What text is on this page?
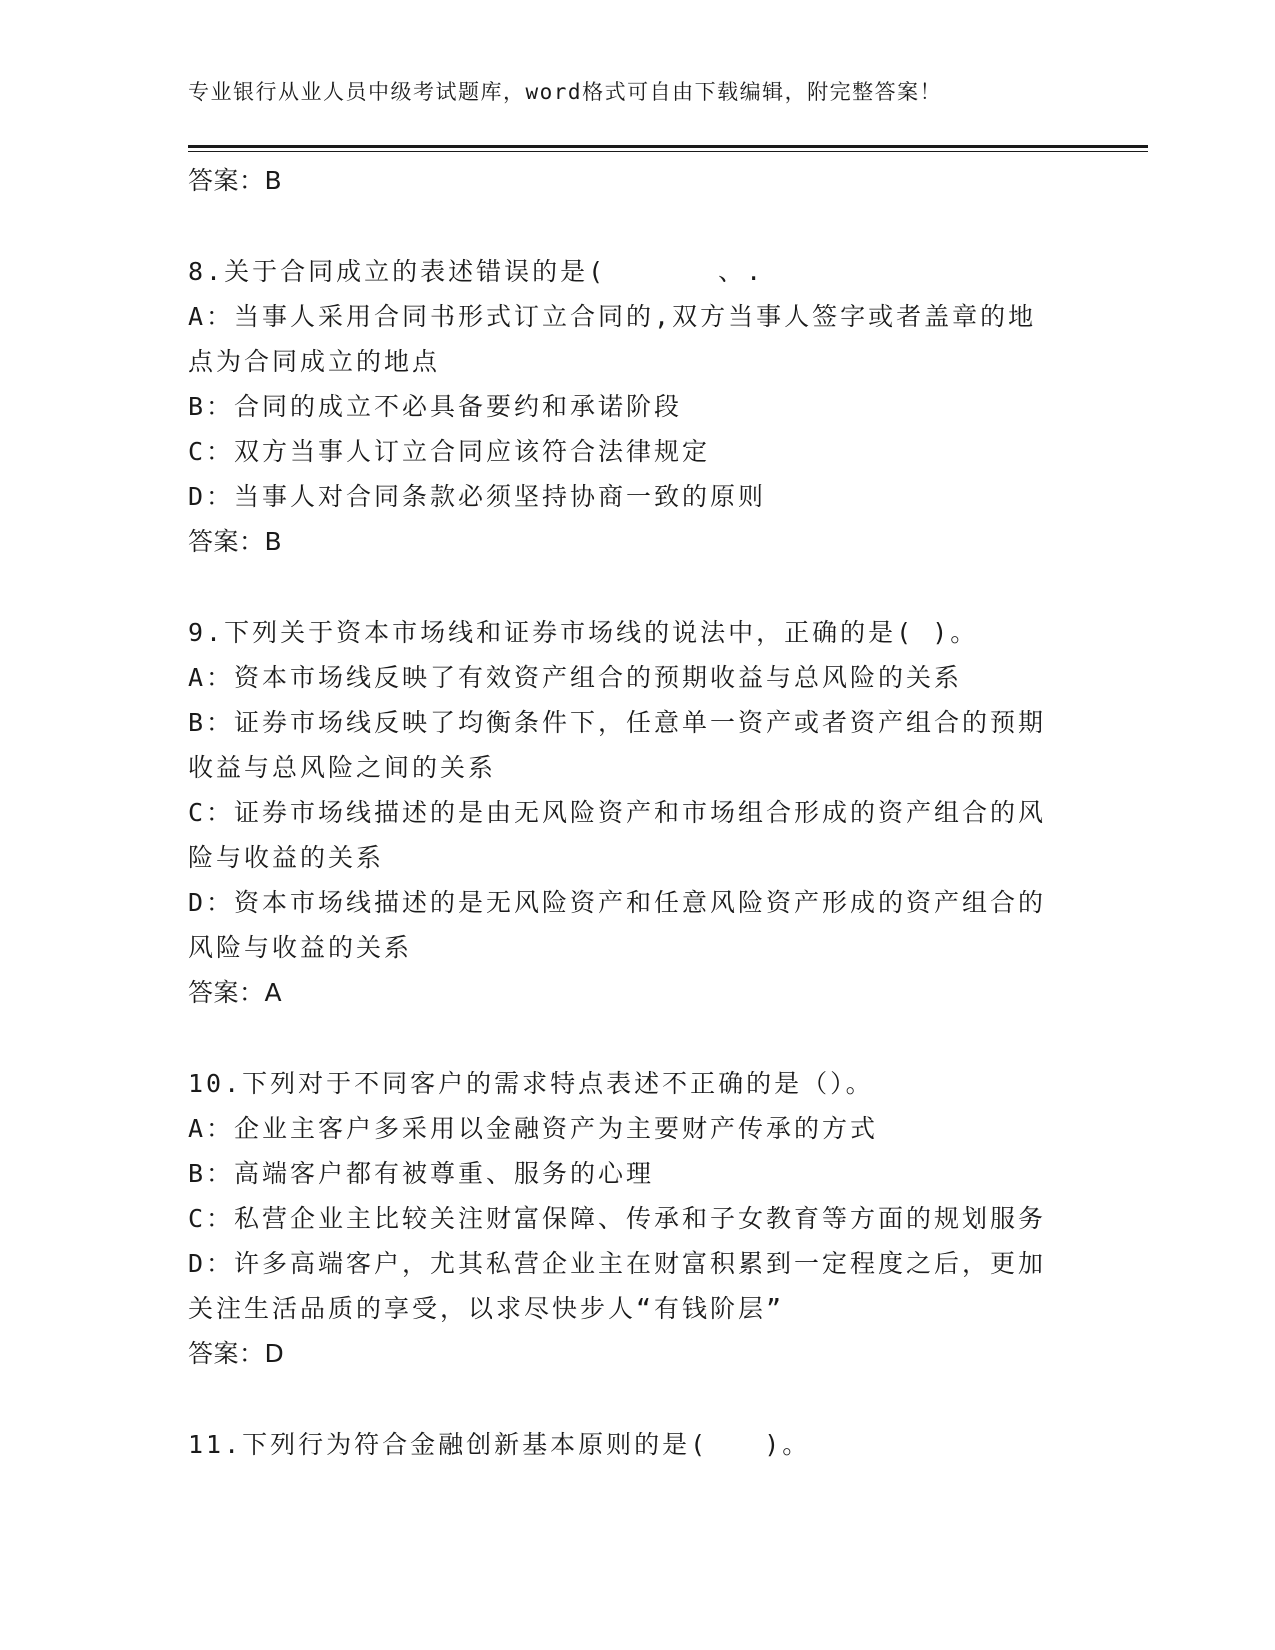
专业银行从业人员中级考试题库，word格式可自由下载编辑，附完整答案！
答案：B
8.关于合同成立的表述错误的是(　　　　、.
A：当事人采用合同书形式订立合同的,双方当事人签字或者盖章的地
点为合同成立的地点
B：合同的成立不必具备要约和承诺阶段
C：双方当事人订立合同应该符合法律规定
D：当事人对合同条款必须坚持协商一致的原则
答案：B
9.下列关于资本市场线和证券市场线的说法中，正确的是( )。
A：资本市场线反映了有效资产组合的预期收益与总风险的关系
B：证券市场线反映了均衡条件下，任意单一资产或者资产组合的预期
收益与总风险之间的关系
C：证券市场线描述的是由无风险资产和市场组合形成的资产组合的风
险与收益的关系
D：资本市场线描述的是无风险资产和任意风险资产形成的资产组合的
风险与收益的关系
答案：A
10.下列对于不同客户的需求特点表述不正确的是（）。
A：企业主客户多采用以金融资产为主要财产传承的方式
B：高端客户都有被尊重、服务的心理
C：私营企业主比较关注财富保障、传承和子女教育等方面的规划服务
D：许多高端客户，尤其私营企业主在财富积累到一定程度之后，更加
关注生活品质的享受，以求尽快步人“有钱阶层”
答案：D
11.下列行为符合金融创新基本原则的是(　　)。
